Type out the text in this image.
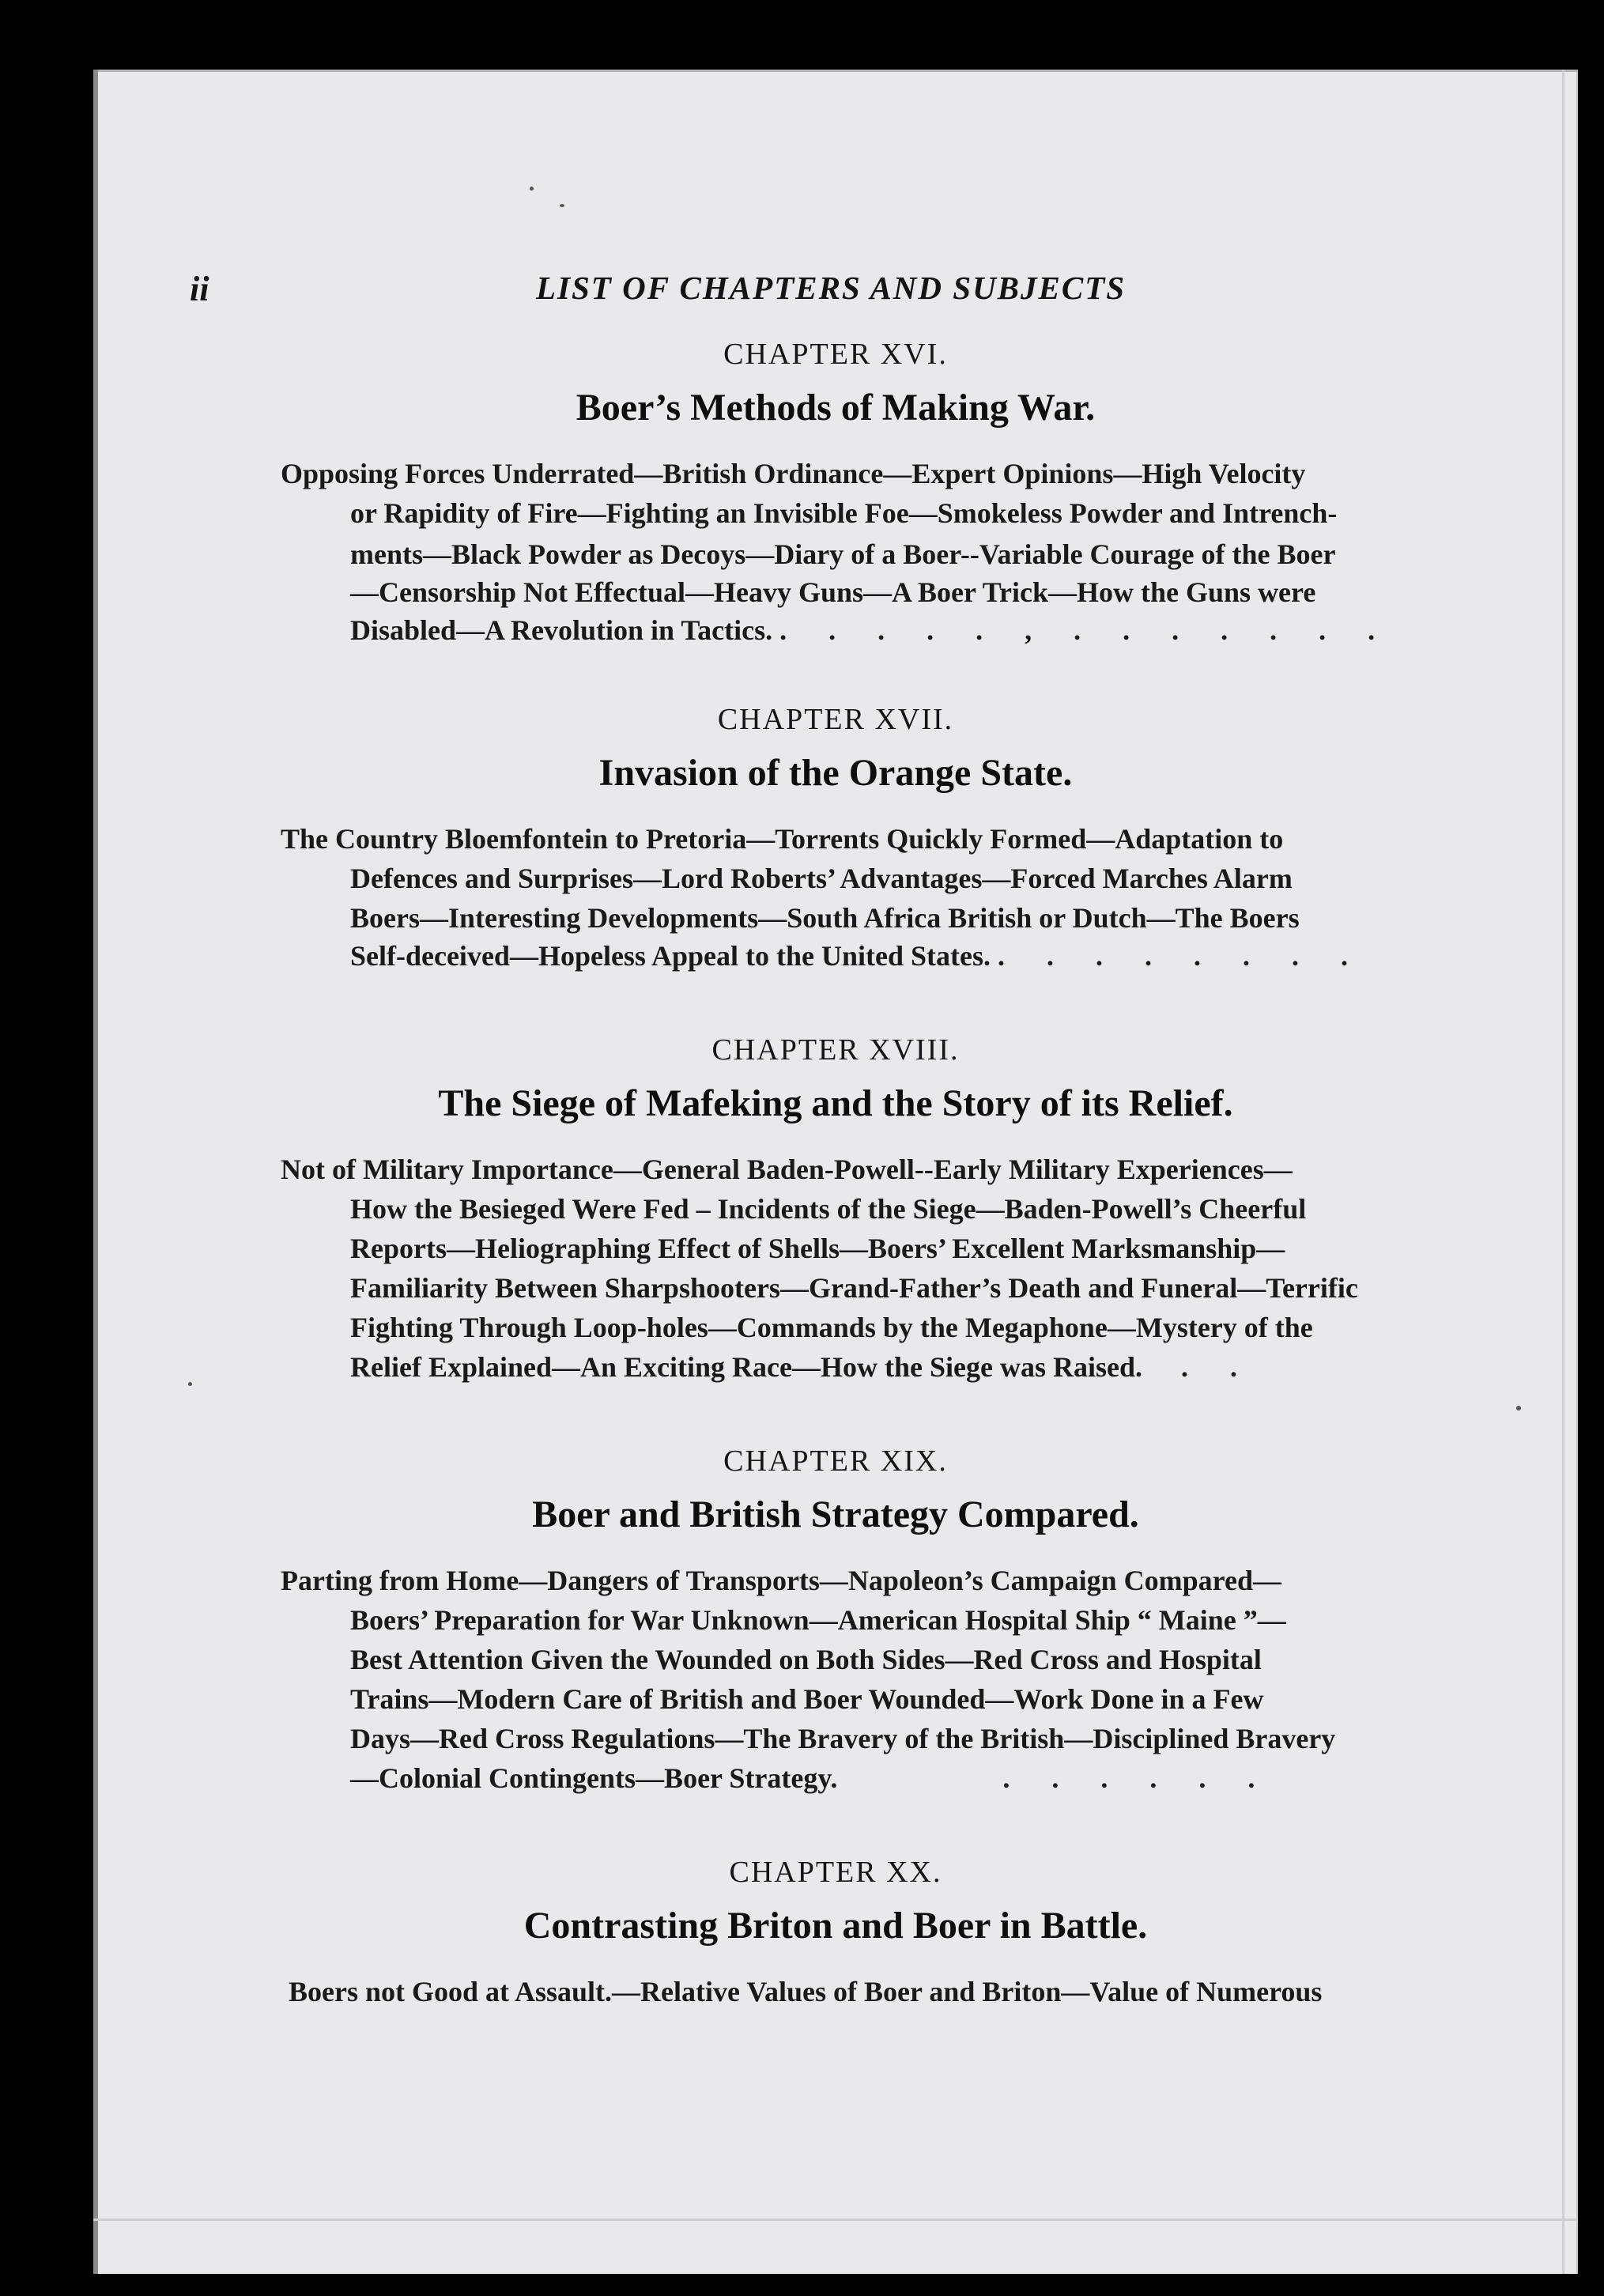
ii	LIST OF CHAPTERS AND SUBJECTS
CHAPTER XVI.
Boer’s Methods of Making War.
Opposing Forces Underrated—British Ordinance—Expert Opinions—High Velocity
or Rapidity of Fire—Fighting an Invisible Foe—Smokeless Powder and Intrench-
ments—Black Powder as Decoys—Diary of a Boer--Variable Courage of the Boer
—Censorship Not Effectual—Heavy Guns—A Boer Trick—How the Guns were
Disabled—A Revolution in Tactics. . . . . . , . . . . . . .
CHAPTER XVII.
Invasion of the Orange State.
The Country Bloemfontein to Pretoria—Torrents Quickly Formed—Adaptation to
Defences and Surprises—Lord Roberts’ Advantages—Forced Marches Alarm
Boers—Interesting Developments—South Africa British or Dutch—The Boers
Self-deceived—Hopeless Appeal to the United States. . . . . . . . .
CHAPTER XVIII.
The Siege of Mafeking and the Story of its Relief.
Not of Military Importance—General Baden-Powell--Early Military Experiences—
How the Besieged Were Fed – Incidents of the Siege—Baden-Powell’s Cheerful
Reports—Heliographing Effect of Shells—Boers’ Excellent Marksmanship—
Familiarity Between Sharpshooters—Grand-Father’s Death and Funeral—Terrific
Fighting Through Loop-holes—Commands by the Megaphone—Mystery of the
Relief Explained—An Exciting Race—How the Siege was Raised. . .
CHAPTER XIX.
Boer and British Strategy Compared.
Parting from Home—Dangers of Transports—Napoleon’s Campaign Compared—
Boers’ Preparation for War Unknown—American Hospital Ship “ Maine ”—
Best Attention Given the Wounded on Both Sides—Red Cross and Hospital
Trains—Modern Care of British and Boer Wounded—Work Done in a Few
Days—Red Cross Regulations—The Bravery of the British—Disciplined Bravery
—Colonial Contingents—Boer Strategy.	. . . . . .
CHAPTER XX.
Contrasting Briton and Boer in Battle.
Boers not Good at Assault.—Relative Values of Boer and Briton—Value of Numerous
